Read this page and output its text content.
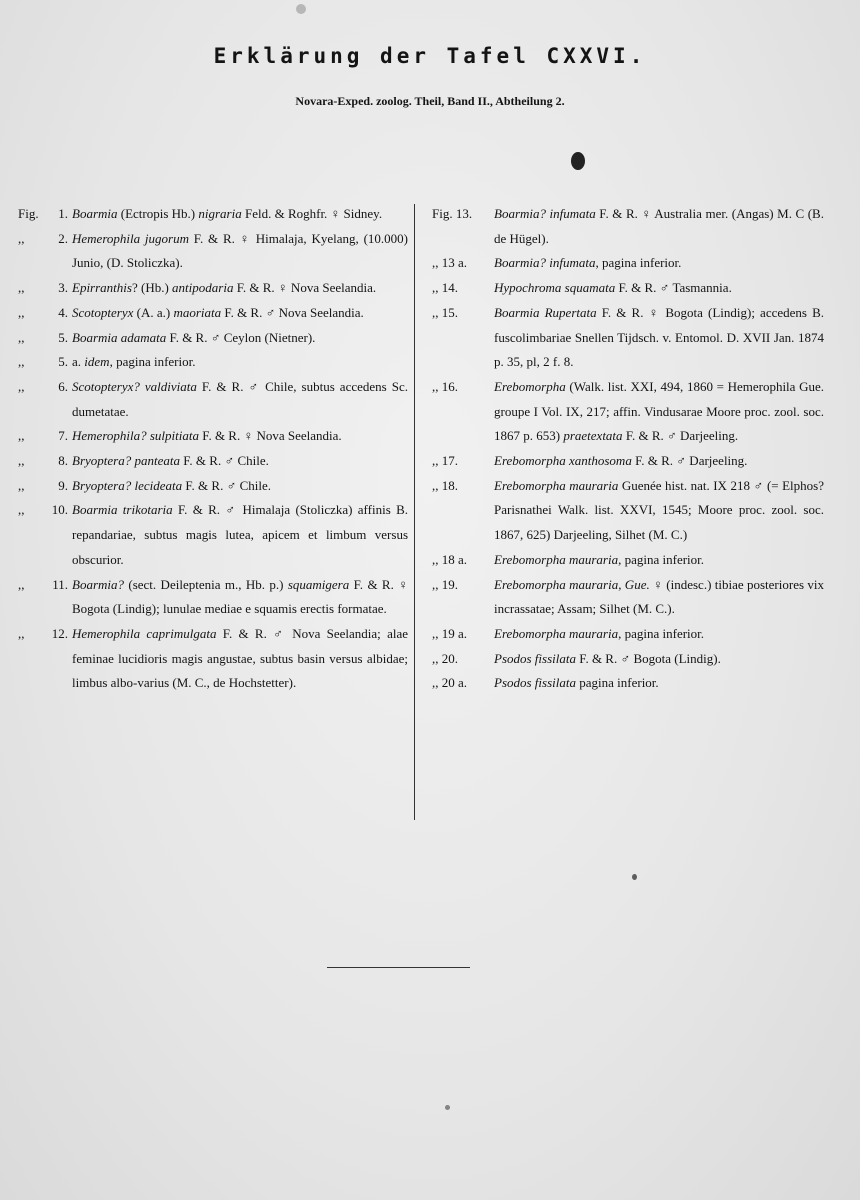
Erklärung der Tafel CXXVI.
Novara-Exped. zoolog. Theil, Band II., Abtheilung 2.
Fig.	1. Boarmia (Ectropis Hb.) nigraria Feld. & Roghfr. ♀ Sidney.
,,	2. Hemerophila jugorum F. & R. ♀ Himalaja, Kyelang, (10.000) Junio, (D. Stoliczka).
,,	3. Epirranthis? (Hb.) antipodaria F. & R. ♀ Nova Seelandia.
,,	4. Scotopteryx (A. a.) maoriata F. & R. ♂ Nova Seelandia.
,,	5. Boarmia adamata F. & R. ♂ Ceylon (Nietner).
,,	5. a. idem, pagina inferior.
,,	6. Scotopteryx? valdiviata F. & R. ♂ Chile, subtus accedens Sc. dumetatae.
,,	7. Hemerophila? sulpitiata F. & R. ♀ Nova Seelandia.
,,	8. Bryoptera? panteata F. & R. ♂ Chile.
,,	9. Bryoptera? lecideata F. & R. ♂ Chile.
,,	10. Boarmia trikotaria F. & R. ♂ Himalaja (Stoliczka) affinis B. repandariae, subtus magis lutea, apicem et limbum versus obscurior.
,,	11. Boarmia? (sect. Deileptenia m., Hb. p.) squamigera F. & R. ♀ Bogota (Lindig); lunulae mediae e squamis erectis formatae.
,,	12. Hemerophila caprimulgata F. & R. ♂ Nova Seelandia; alae feminae lucidioris magis angustae, subtus basin versus albidae; limbus albo-varius (M. C., de Hochstetter).
Fig. 13.	Boarmia? infumata F. & R. ♀ Australia mer. (Angas) M. C (B. de Hügel).
,, 13 a.	Boarmia? infumata, pagina inferior.
,, 14.	Hypochroma squamata F. & R. ♂ Tasmannia.
,, 15.	Boarmia Rupertata F. & R. ♀ Bogota (Lindig); accedens B. fuscolimbariae Snellen Tijdsch. v. Entomol. D. XVII Jan. 1874 p. 35, pl, 2 f. 8.
,, 16.	Erebomorpha (Walk. list. XXI, 494, 1860 = Hemerophila Gue. groupe I Vol. IX, 217; affin. Vindusarae Moore proc. zool. soc. 1867 p. 653) praetextata F. & R. ♂ Darjeeling.
,, 17.	Erebomorpha xanthosoma F. & R. ♂ Darjeeling.
,, 18.	Erebomorpha mauraria Guenée hist. nat. IX 218 ♂ (= Elphos? Parisnathei Walk. list. XXVI, 1545; Moore proc. zool. soc. 1867, 625) Darjeeling, Silhet (M. C.)
,, 18 a.	Erebomorpha mauraria, pagina inferior.
,, 19.	Erebomorpha mauraria, Gue. ♀ (indesc.) tibiae posteriores vix incrassatae; Assam; Silhet (M. C.).
,, 19 a.	Erebomorpha mauraria, pagina inferior.
,, 20.	Psodos fissilata F. & R. ♂ Bogota (Lindig).
,, 20 a.	Psodos fissilata pagina inferior.
